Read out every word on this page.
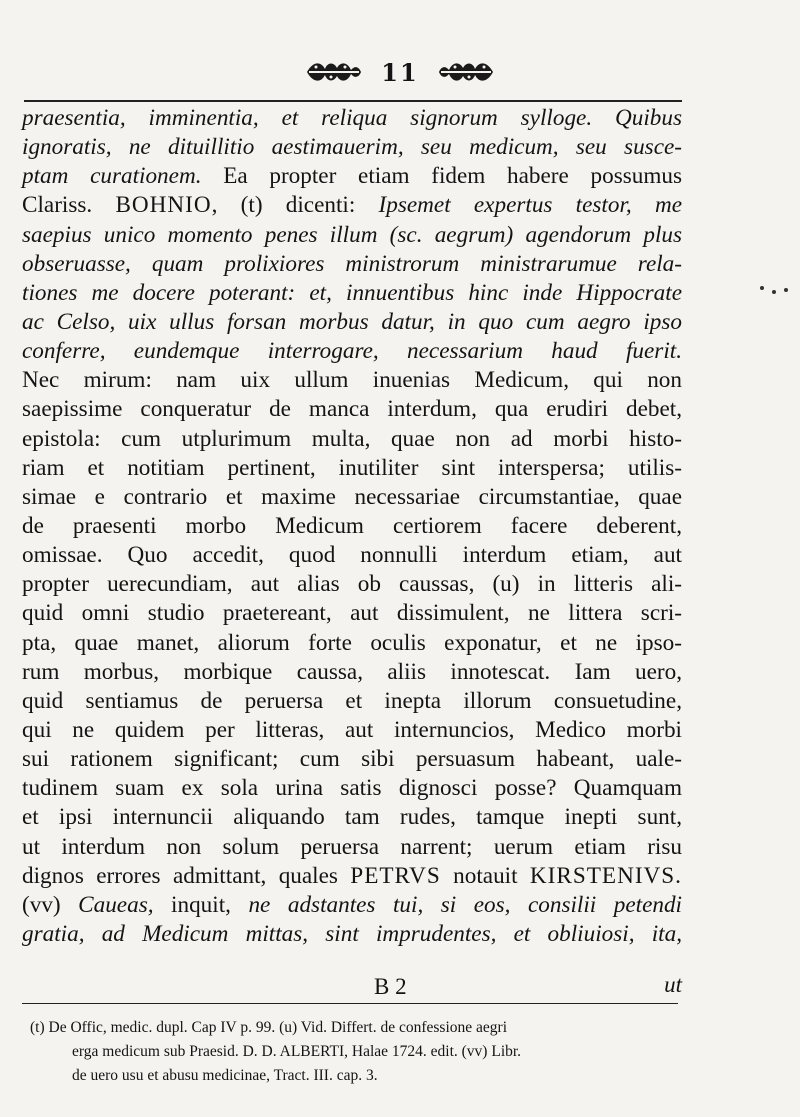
11
praesentia, imminentia, et reliqua signorum sylloge. Quibus
ignoratis, ne dituillitio aestimauerim, seu medicum, seu susce-
ptam curationem. Ea propter etiam fidem habere possumus
Clariss. BOHNIO, (t) dicenti: Ipsemet expertus testor, me
saepius unico momento penes illum (sc. aegrum) agendorum plus
obseruasse, quam prolixiores ministrorum ministrarumue rela-
tiones me docere poterant: et, innuentibus hinc inde Hippocrate
ac Celso, uix ullus forsan morbus datur, in quo cum aegro ipso
conferre, eundemque interrogare, necessarium haud fuerit.
Nec mirum: nam uix ullum inuenias Medicum, qui non
saepissime conqueratur de manca interdum, qua erudiri debet,
epistola: cum utplurimum multa, quae non ad morbi histo-
riam et notitiam pertinent, inutiliter sint interspersa; utilis-
simae e contrario et maxime necessariae circumstantiae, quae
de praesenti morbo Medicum certiorem facere deberent,
omissae. Quo accedit, quod nonnulli interdum etiam, aut
propter uerecundiam, aut alias ob caussas, (u) in litteris ali-
quid omni studio praetereant, aut dissimulent, ne littera scri-
pta, quae manet, aliorum forte oculis exponatur, et ne ipso-
rum morbus, morbique caussa, aliis innotescat. Iam uero,
quid sentiamus de peruersa et inepta illorum consuetudine,
qui ne quidem per litteras, aut internuncios, Medico morbi
sui rationem significant; cum sibi persuasum habeant, uale-
tudinem suam ex sola urina satis dignosci posse? Quamquam
et ipsi internuncii aliquando tam rudes, tamque inepti sunt,
ut interdum non solum peruersa narrent; uerum etiam risu
dignos errores admittant, quales PETRVS notauit KIRSTENIVS.
(vv) Caueas, inquit, ne adstantes tui, si eos, consilii petendi
gratia, ad Medicum mittas, sint imprudentes, et obliuiosi, ita,
B 2	ut
(t) De Offic, medic. dupl. Cap IV p. 99. (u) Vid. Differt. de confessione aegri
erga medicum sub Praesid. D. D. ALBERTI, Halae 1724. edit. (vv) Libr.
de uero usu et abusu medicinae, Tract. III. cap. 3.
